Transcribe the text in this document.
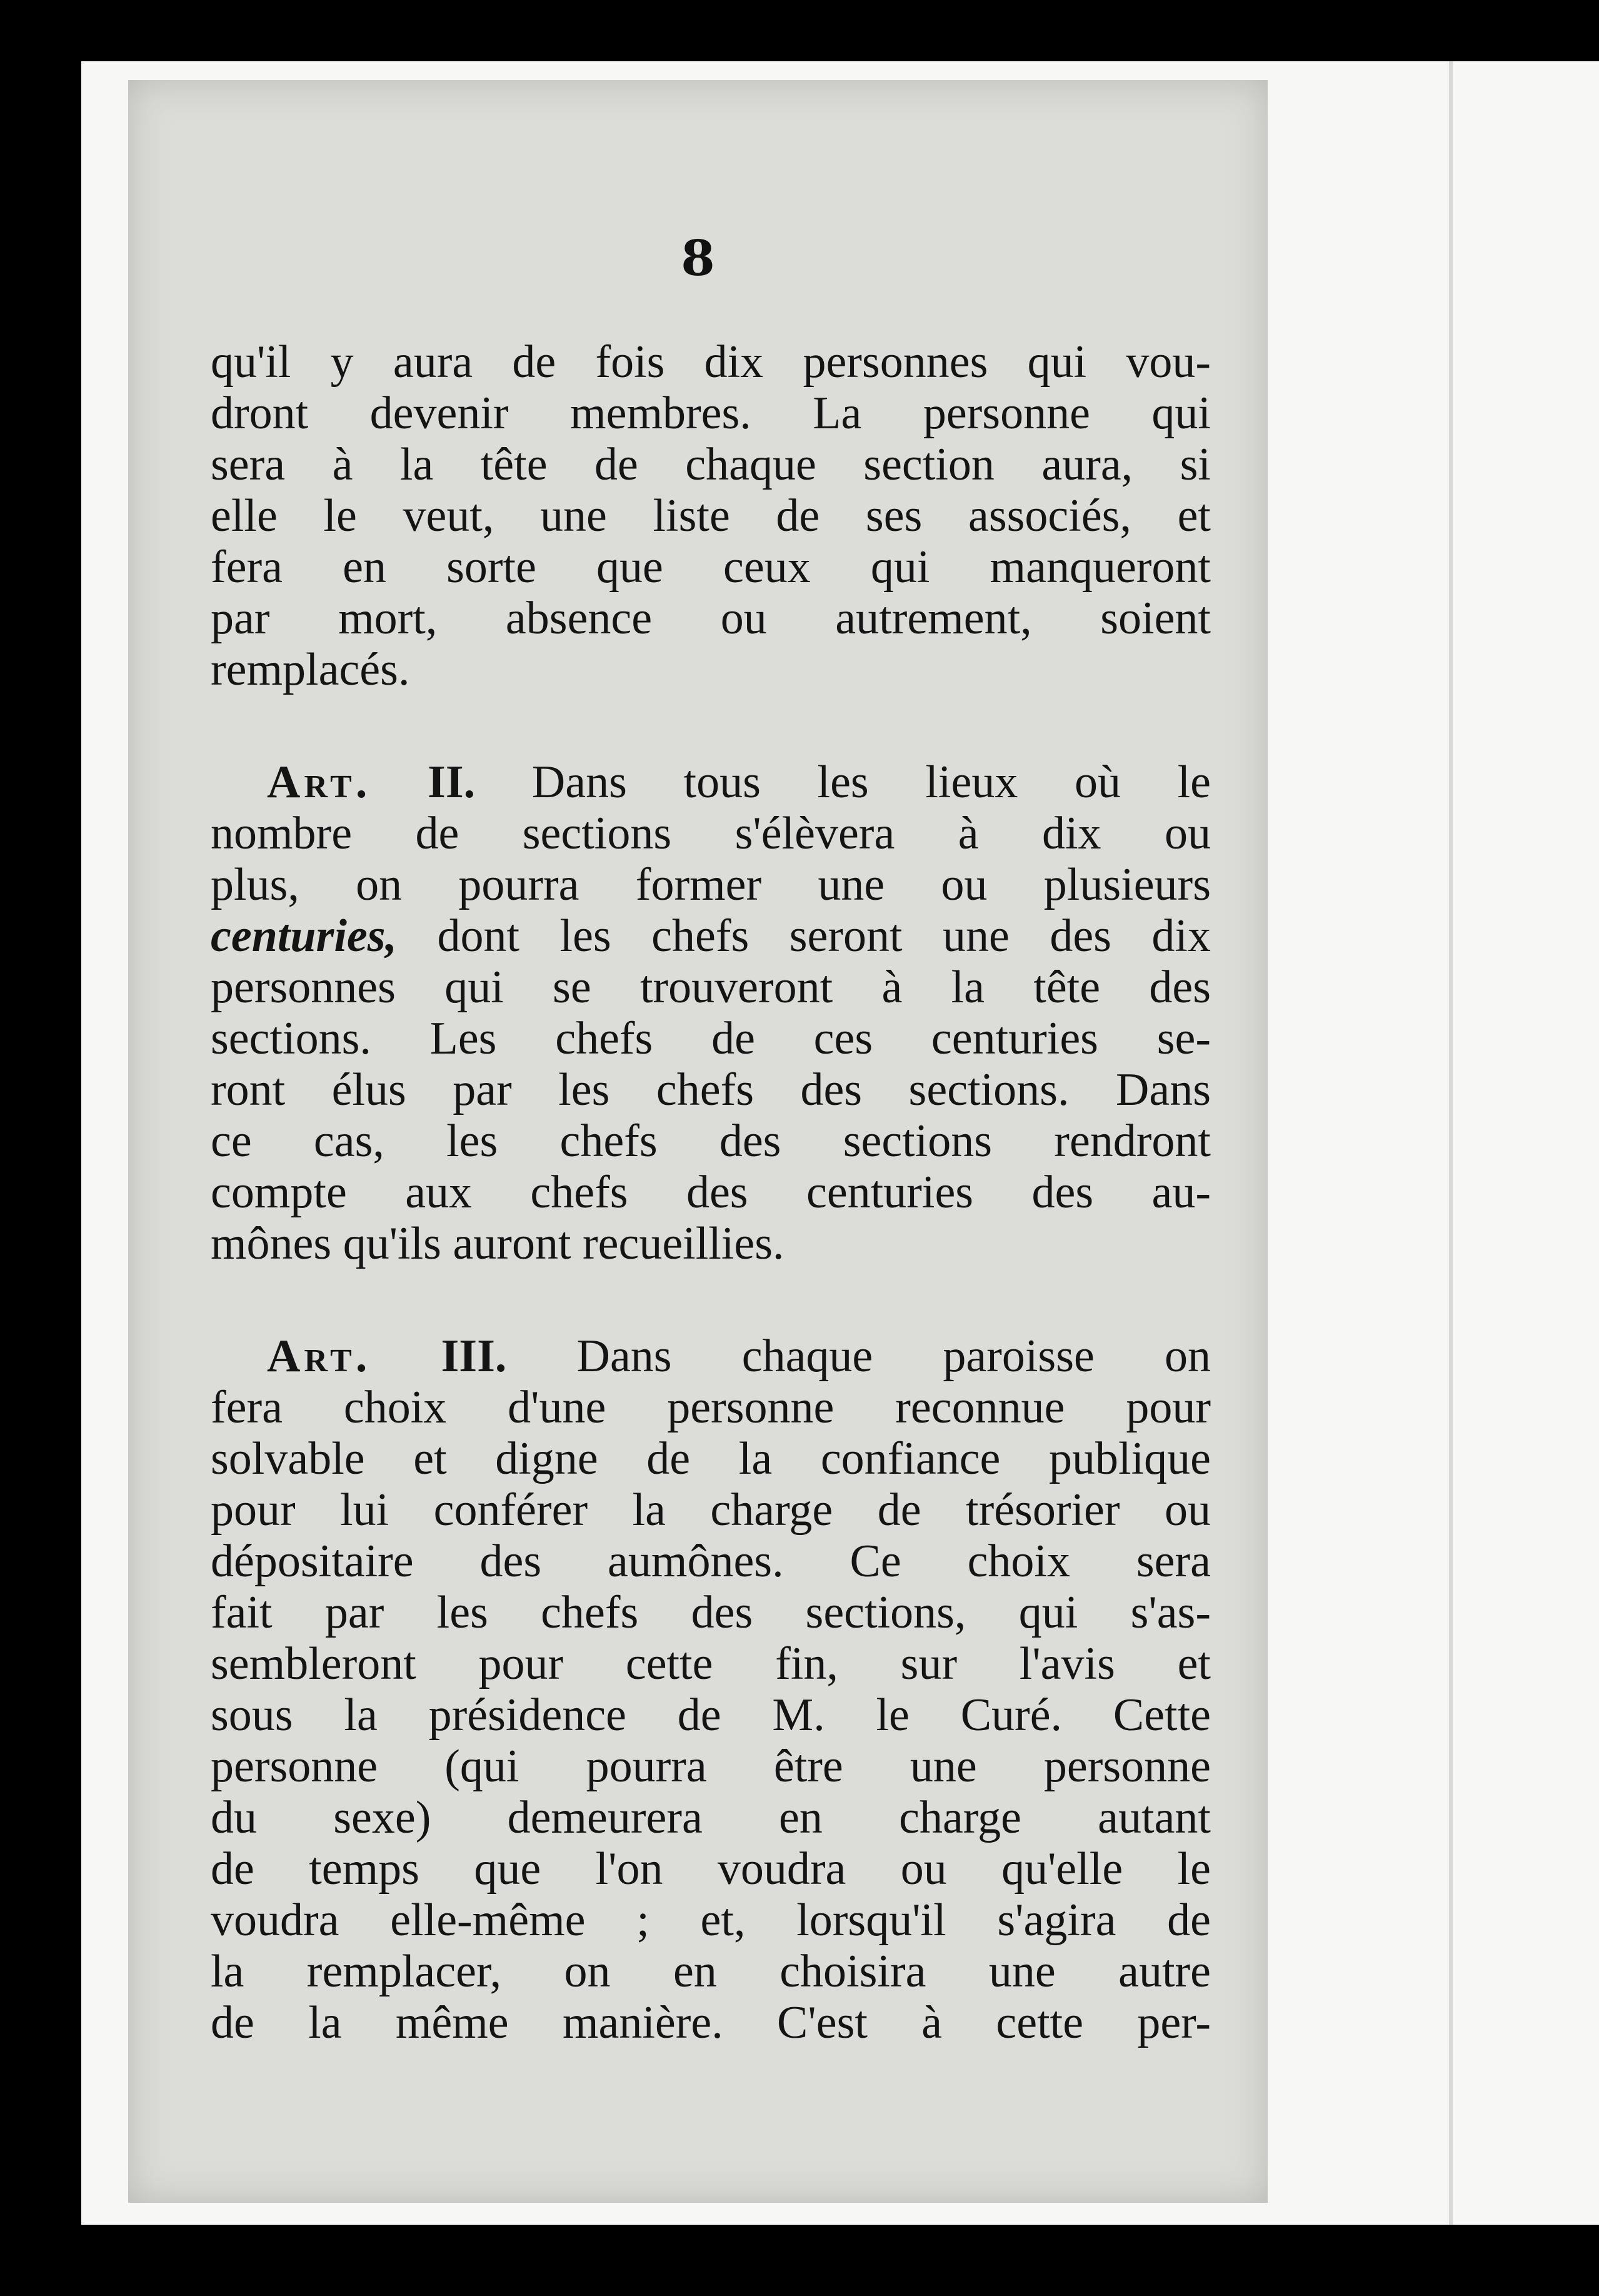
8
qu'il y aura de fois dix personnes qui vou-
dront devenir membres. La personne qui
sera à la tête de chaque section aura, si
elle le veut, une liste de ses associés, et
fera en sorte que ceux qui manqueront
par mort, absence ou autrement, soient
remplacés.
Art. II. Dans tous les lieux où le
nombre de sections s'élèvera à dix ou
plus, on pourra former une ou plusieurs
centuries, dont les chefs seront une des dix
personnes qui se trouveront à la tête des
sections. Les chefs de ces centuries se-
ront élus par les chefs des sections. Dans
ce cas, les chefs des sections rendront
compte aux chefs des centuries des au-
mônes qu'ils auront recueillies.
Art. III. Dans chaque paroisse on
fera choix d'une personne reconnue pour
solvable et digne de la confiance publique
pour lui conférer la charge de trésorier ou
dépositaire des aumônes. Ce choix sera
fait par les chefs des sections, qui s'as-
sembleront pour cette fin, sur l'avis et
sous la présidence de M. le Curé. Cette
personne (qui pourra être une personne
du sexe) demeurera en charge autant
de temps que l'on voudra ou qu'elle le
voudra elle-même ; et, lorsqu'il s'agira de
la remplacer, on en choisira une autre
de la même manière. C'est à cette per-
